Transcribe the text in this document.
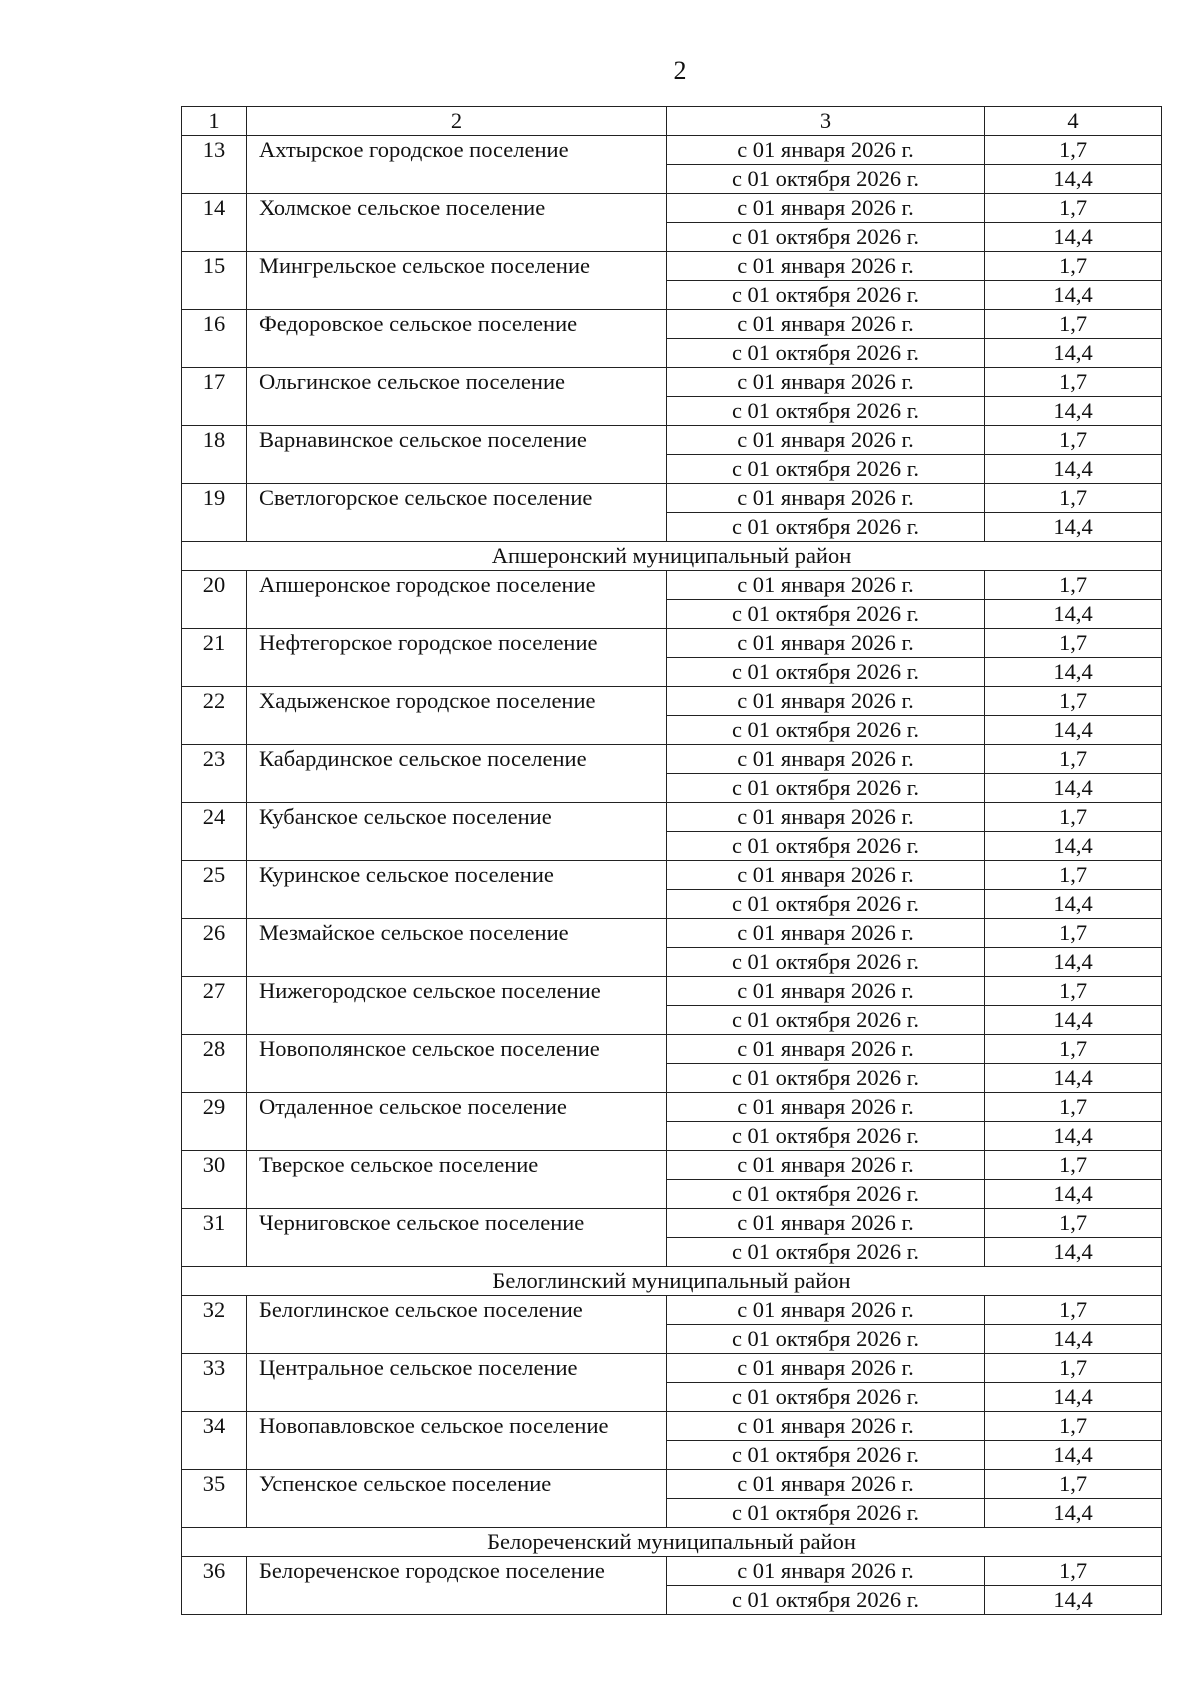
2
1	2	3	4
13	Ахтырское городское поселение	с 01 января 2026 г.	1,7
		с 01 октября 2026 г.	14,4
14	Холмское сельское поселение	с 01 января 2026 г.	1,7
		с 01 октября 2026 г.	14,4
15	Мингрельское сельское поселение	с 01 января 2026 г.	1,7
		с 01 октября 2026 г.	14,4
16	Федоровское сельское поселение	с 01 января 2026 г.	1,7
		с 01 октября 2026 г.	14,4
17	Ольгинское сельское поселение	с 01 января 2026 г.	1,7
		с 01 октября 2026 г.	14,4
18	Варнавинское сельское поселение	с 01 января 2026 г.	1,7
		с 01 октября 2026 г.	14,4
19	Светлогорское сельское поселение	с 01 января 2026 г.	1,7
		с 01 октября 2026 г.	14,4
Апшеронский муниципальный район			
20	Апшеронское городское поселение	с 01 января 2026 г.	1,7
		с 01 октября 2026 г.	14,4
21	Нефтегорское городское поселение	с 01 января 2026 г.	1,7
		с 01 октября 2026 г.	14,4
22	Хадыженское городское поселение	с 01 января 2026 г.	1,7
		с 01 октября 2026 г.	14,4
23	Кабардинское сельское поселение	с 01 января 2026 г.	1,7
		с 01 октября 2026 г.	14,4
24	Кубанское сельское поселение	с 01 января 2026 г.	1,7
		с 01 октября 2026 г.	14,4
25	Куринское сельское поселение	с 01 января 2026 г.	1,7
		с 01 октября 2026 г.	14,4
26	Мезмайское сельское поселение	с 01 января 2026 г.	1,7
		с 01 октября 2026 г.	14,4
27	Нижегородское сельское поселение	с 01 января 2026 г.	1,7
		с 01 октября 2026 г.	14,4
28	Новополянское сельское поселение	с 01 января 2026 г.	1,7
		с 01 октября 2026 г.	14,4
29	Отдаленное сельское поселение	с 01 января 2026 г.	1,7
		с 01 октября 2026 г.	14,4
30	Тверское сельское поселение	с 01 января 2026 г.	1,7
		с 01 октября 2026 г.	14,4
31	Черниговское сельское поселение	с 01 января 2026 г.	1,7
		с 01 октября 2026 г.	14,4
Белоглинский муниципальный район			
32	Белоглинское сельское поселение	с 01 января 2026 г.	1,7
		с 01 октября 2026 г.	14,4
33	Центральное сельское поселение	с 01 января 2026 г.	1,7
		с 01 октября 2026 г.	14,4
34	Новопавловское сельское поселение	с 01 января 2026 г.	1,7
		с 01 октября 2026 г.	14,4
35	Успенское сельское поселение	с 01 января 2026 г.	1,7
		с 01 октября 2026 г.	14,4
Белореченский муниципальный район			
36	Белореченское городское поселение	с 01 января 2026 г.	1,7
		с 01 октября 2026 г.	14,4
